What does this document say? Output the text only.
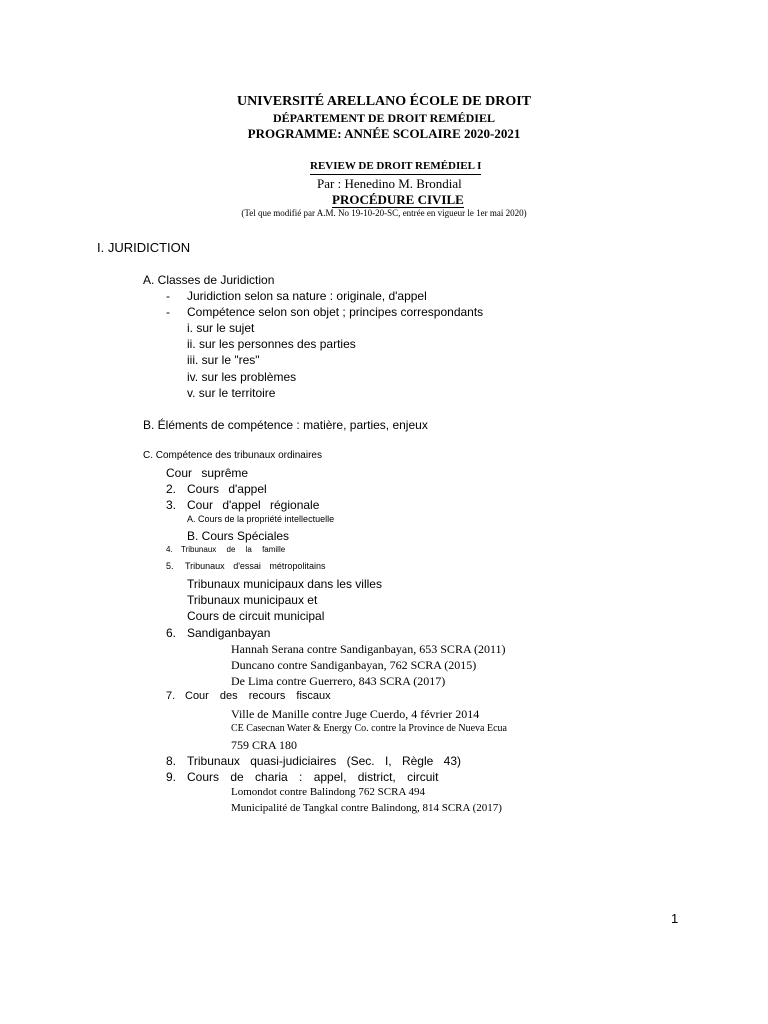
UNIVERSITÉ ARELLANO ÉCOLE DE DROIT
DÉPARTEMENT DE DROIT REMÉDIEL
PROGRAMME: ANNÉE SCOLAIRE 2020-2021
REVIEW DE DROIT REMÉDIEL I
Par : Henedino M. Brondial
PROCÉDURE CIVILE
(Tel que modifié par A.M. No 19-10-20-SC, entrée en vigueur le 1er mai 2020)
I. JURIDICTION
A. Classes de Juridiction
- Juridiction selon sa nature : originale, d'appel
- Compétence selon son objet ; principes correspondants
i. sur le sujet
ii. sur les personnes des parties
iii. sur le "res"
iv. sur les problèmes
v. sur le territoire
B. Éléments de compétence : matière, parties, enjeux
C. Compétence des tribunaux ordinaires
Cour suprême
2. Cours d'appel
3. Cour d'appel régionale
A. Cours de la propriété intellectuelle
B. Cours Spéciales
4. Tribunaux de la famille
5. Tribunaux d'essai métropolitains
Tribunaux municipaux dans les villes
Tribunaux municipaux et
Cours de circuit municipal
6. Sandiganbayan
Hannah Serana contre Sandiganbayan, 653 SCRA (2011)
Duncano contre Sandiganbayan, 762 SCRA (2015)
De Lima contre Guerrero, 843 SCRA (2017)
7. Cour des recours fiscaux
Ville de Manille contre Juge Cuerdo, 4 février 2014
CE Casecnan Water & Energy Co. contre la Province de Nueva Ecua
759 CRA 180
8. Tribunaux quasi-judiciaires (Sec. I, Règle 43)
9. Cours de charia : appel, district, circuit
Lomondot contre Balindong 762 SCRA 494
Municipalité de Tangkal contre Balindong, 814 SCRA (2017)
1
